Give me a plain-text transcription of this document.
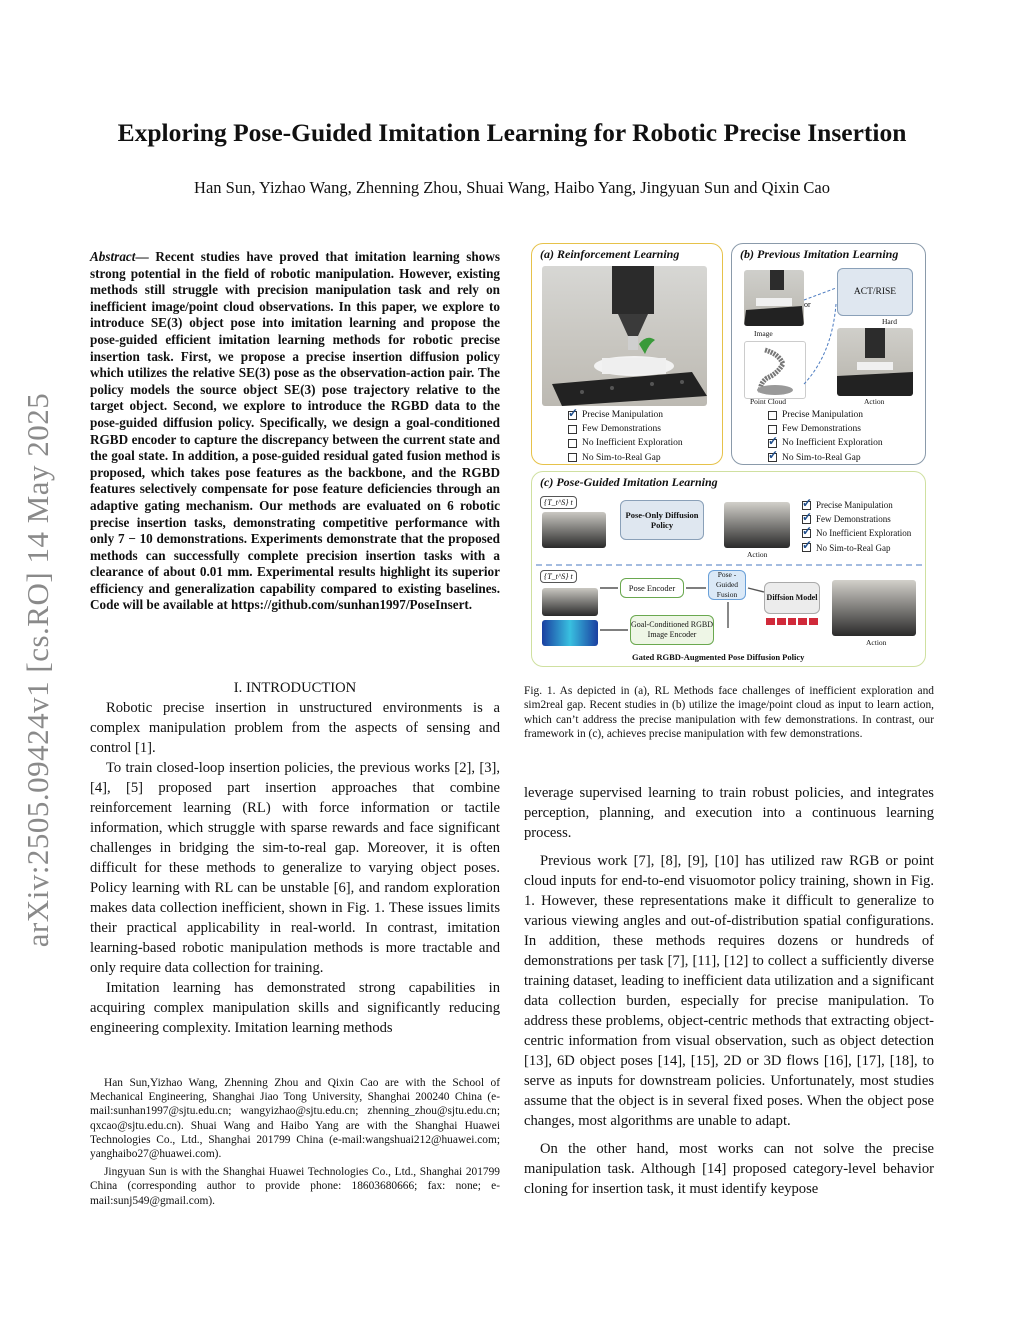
arXiv:2505.09424v1 [cs.RO] 14 May 2025
Exploring Pose-Guided Imitation Learning for Robotic Precise Insertion
Han Sun, Yizhao Wang, Zhenning Zhou, Shuai Wang, Haibo Yang, Jingyuan Sun and Qixin Cao
Abstract— Recent studies have proved that imitation learning shows strong potential in the field of robotic manipulation. However, existing methods still struggle with precision manipulation task and rely on inefficient image/point cloud observations. In this paper, we explore to introduce SE(3) object pose into imitation learning and propose the pose-guided efficient imitation learning methods for robotic precise insertion task. First, we propose a precise insertion diffusion policy which utilizes the relative SE(3) pose as the observation-action pair. The policy models the source object SE(3) pose trajectory relative to the target object. Second, we explore to introduce the RGBD data to the pose-guided diffusion policy. Specifically, we design a goal-conditioned RGBD encoder to capture the discrepancy between the current state and the goal state. In addition, a pose-guided residual gated fusion method is proposed, which takes pose features as the backbone, and the RGBD features selectively compensate for pose feature deficiencies through an adaptive gating mechanism. Our methods are evaluated on 6 robotic precise insertion tasks, demonstrating competitive performance with only 7 − 10 demonstrations. Experiments demonstrate that the proposed methods can successfully complete precision insertion tasks with a clearance of about 0.01 mm. Experimental results highlight its superior efficiency and generalization capability compared to existing baselines. Code will be available at https://github.com/sunhan1997/PoseInsert.

I. INTRODUCTION

Robotic precise insertion in unstructured environments is a complex manipulation problem from the aspects of sensing and control [1].

To train closed-loop insertion policies, the previous works [2], [3], [4], [5] proposed part insertion approaches that combine reinforcement learning (RL) with force information or tactile information, which struggle with sparse rewards and face significant challenges in bridging the sim-to-real gap. Moreover, it is often difficult for these methods to generalize to varying object poses. Policy learning with RL can be unstable [6], and random exploration makes data collection inefficient, shown in Fig. 1. These issues limits their practical applicability in real-world. In contrast, imitation learning-based robotic manipulation methods is more tractable and only require data collection for training.

Imitation learning has demonstrated strong capabilities in acquiring complex manipulation skills and significantly reducing engineering complexity. Imitation learning methods

Han Sun,Yizhao Wang, Zhenning Zhou and Qixin Cao are with the School of Mechanical Engineering, Shanghai Jiao Tong University, Shanghai 200240 China (e-mail:sunhan1997@sjtu.edu.cn; wangyizhao@sjtu.edu.cn; zhenning_zhou@sjtu.edu.cn; qxcao@sjtu.edu.cn). Shuai Wang and Haibo Yang are with the Shanghai Huawei Technologies Co., Ltd., Shanghai 201799 China (e-mail:wangshuai212@huawei.com; yanghaibo27@huawei.com).

Jingyuan Sun is with the Shanghai Huawei Technologies Co., Ltd., Shanghai 201799 China (corresponding author to provide phone: 18603680666; fax: none; e-mail:sunj549@gmail.com).

(a) Reinforcement Learning
✓
Precise Manipulation
Few Demonstrations
No Inefficient Exploration
No Sim-to-Real Gap
(b) Previous Imitation Learning
Image
or
Point Cloud
ACT/RISE
Hard
Action
Precise Manipulation
Few Demonstrations
✓
No Inefficient Exploration
✓
No Sim-to-Real Gap
(c) Pose-Guided Imitation Learning
{T_t^S} t
Pose-Only Diffusion Policy
Action
✓
Precise Manipulation
✓
Few Demonstrations
✓
No Inefficient Exploration
✓
No Sim-to-Real Gap
{T_t^S} t
Pose Encoder
Goal-Conditioned RGBD Image Encoder
Pose -Guided Fusion	Diffsion Model
Action
Gated RGBD-Augmented Pose Diffusion Policy
Fig. 1. As depicted in (a), RL Methods face challenges of inefficient exploration and sim2real gap. Recent studies in (b) utilize the image/point cloud as input to learn action, which can’t address the precise manipulation with few demonstrations. In contrast, our framework in (c), achieves precise manipulation with few demonstrations.

leverage supervised learning to train robust policies, and integrates perception, planning, and execution into a continuous learning process.

Previous work [7], [8], [9], [10] has utilized raw RGB or point cloud inputs for end-to-end visuomotor policy training, shown in Fig. 1. However, these representations make it difficult to generalize to various viewing angles and out-of-distribution spatial configurations. In addition, these methods requires dozens or hundreds of demonstrations per task [7], [11], [12] to collect a sufficiently diverse training dataset, leading to inefficient data utilization and a significant data collection burden, especially for precise manipulation. To address these problems, object-centric methods that extracting object-centric information from visual observation, such as object detection [13], 6D object poses [14], [15], 2D or 3D flows [16], [17], [18], to serve as inputs for downstream policies. Unfortunately, most studies assume that the object is in several fixed poses. When the object pose changes, most algorithms are unable to adapt.

On the other hand, most works can not solve the precise manipulation task. Although [14] proposed category-level behavior cloning for insertion task, it must identify keypose
